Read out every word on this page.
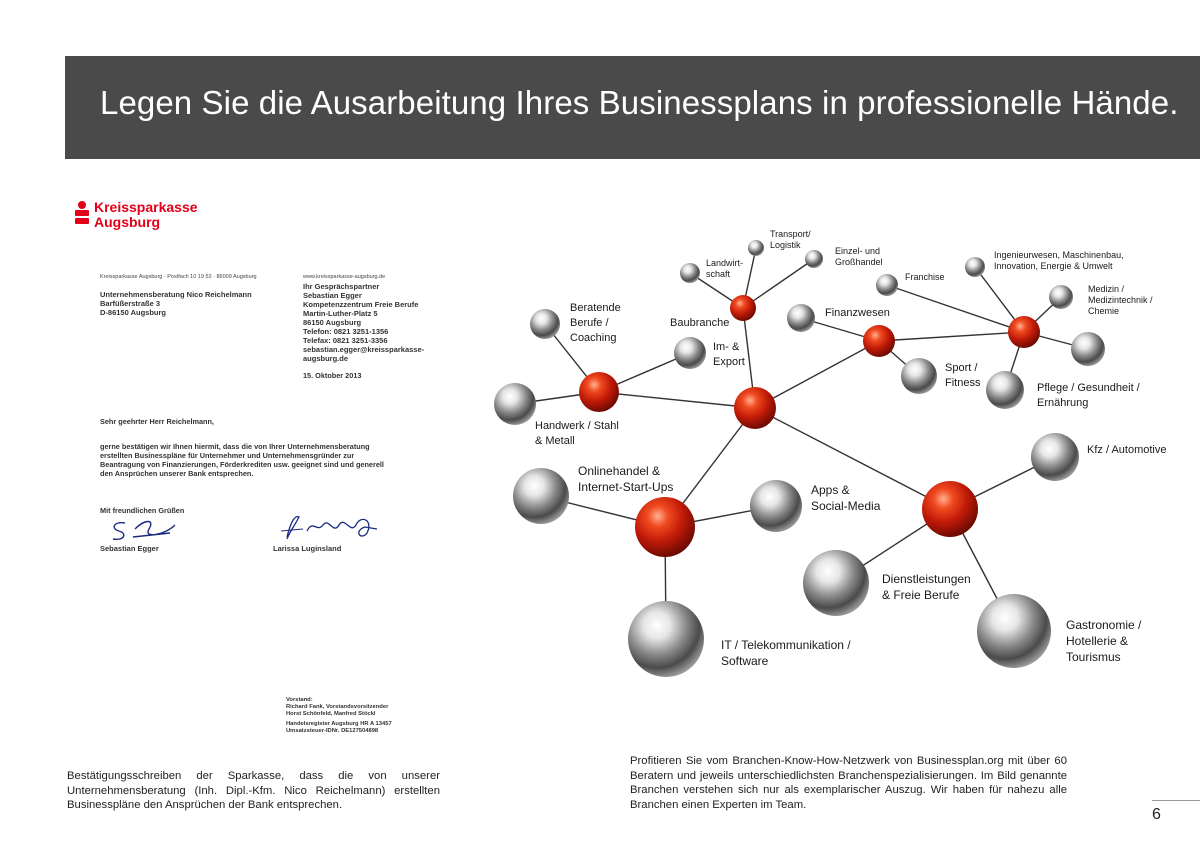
Legen Sie die Ausarbeitung Ihres Businessplans in professionelle Hände.
Kreissparkasse
Augsburg
Kreissparkasse Augsburg · Postfach 10 19 53 · 86009 Augsburg	www.kreissparkasse-augsburg.de
Unternehmensberatung Nico Reichelmann
Barfüßerstraße 3
D-86150 Augsburg
Ihr Gesprächspartner
Sebastian Egger
Kompetenzzentrum Freie Berufe
Martin-Luther-Platz 5
86150 Augsburg
Telefon: 0821 3251-1356
Telefax: 0821 3251-3356
sebastian.egger@kreissparkasse-
augsburg.de
15. Oktober 2013
Sehr geehrter Herr Reichelmann,
gerne bestätigen wir Ihnen hiermit, dass die von Ihrer Unternehmensberatung
erstellten Businesspläne für Unternehmer und Unternehmensgründer zur
Beantragung von Finanzierungen, Förderkrediten usw. geeignet sind und generell
den Ansprüchen unserer Bank entsprechen.
Mit freundlichen Grüßen
Sebastian Egger	Larissa Luginsland
Vorstand:
Richard Fank, Vorstandsvorsitzender
Horst Schönfeld, Manfred Stöckl
Handelsregister Augsburg HR A 13457
Umsatzsteuer-IDNr. DE127504898
Transport/
Logistik
Landwirt-
schaft
Einzel- und
Großhandel
Ingenieurwesen, Maschinenbau,
Innovation, Energie & Umwelt
Franchise
Medizin /
Medizintechnik /
Chemie
Beratende
Berufe /
Coaching
Baubranche
Finanzwesen
Im- &
Export	Sport /
Fitness	Pflege / Gesundheit /
Ernährung
Handwerk / Stahl
& Metall
Kfz / Automotive
Onlinehandel &
Internet-Start-Ups	Apps &
Social-Media
Dienstleistungen
& Freie Berufe
Gastronomie /
Hotellerie &
Tourismus
IT / Telekommunikation /
Software
Bestätigungsschreiben der Sparkasse, dass die von unserer Unternehmensberatung (Inh. Dipl.-Kfm. Nico Reichelmann) erstellten Businesspläne den Ansprüchen der Bank entsprechen.
Profitieren Sie vom Branchen-Know-How-Netzwerk von Businessplan.org mit über 60 Beratern und jeweils unterschiedlichsten Branchenspezialisierungen. Im Bild genannte Branchen verstehen sich nur als exemplarischer Auszug. Wir haben für nahezu alle Branchen einen Experten im Team.
6
